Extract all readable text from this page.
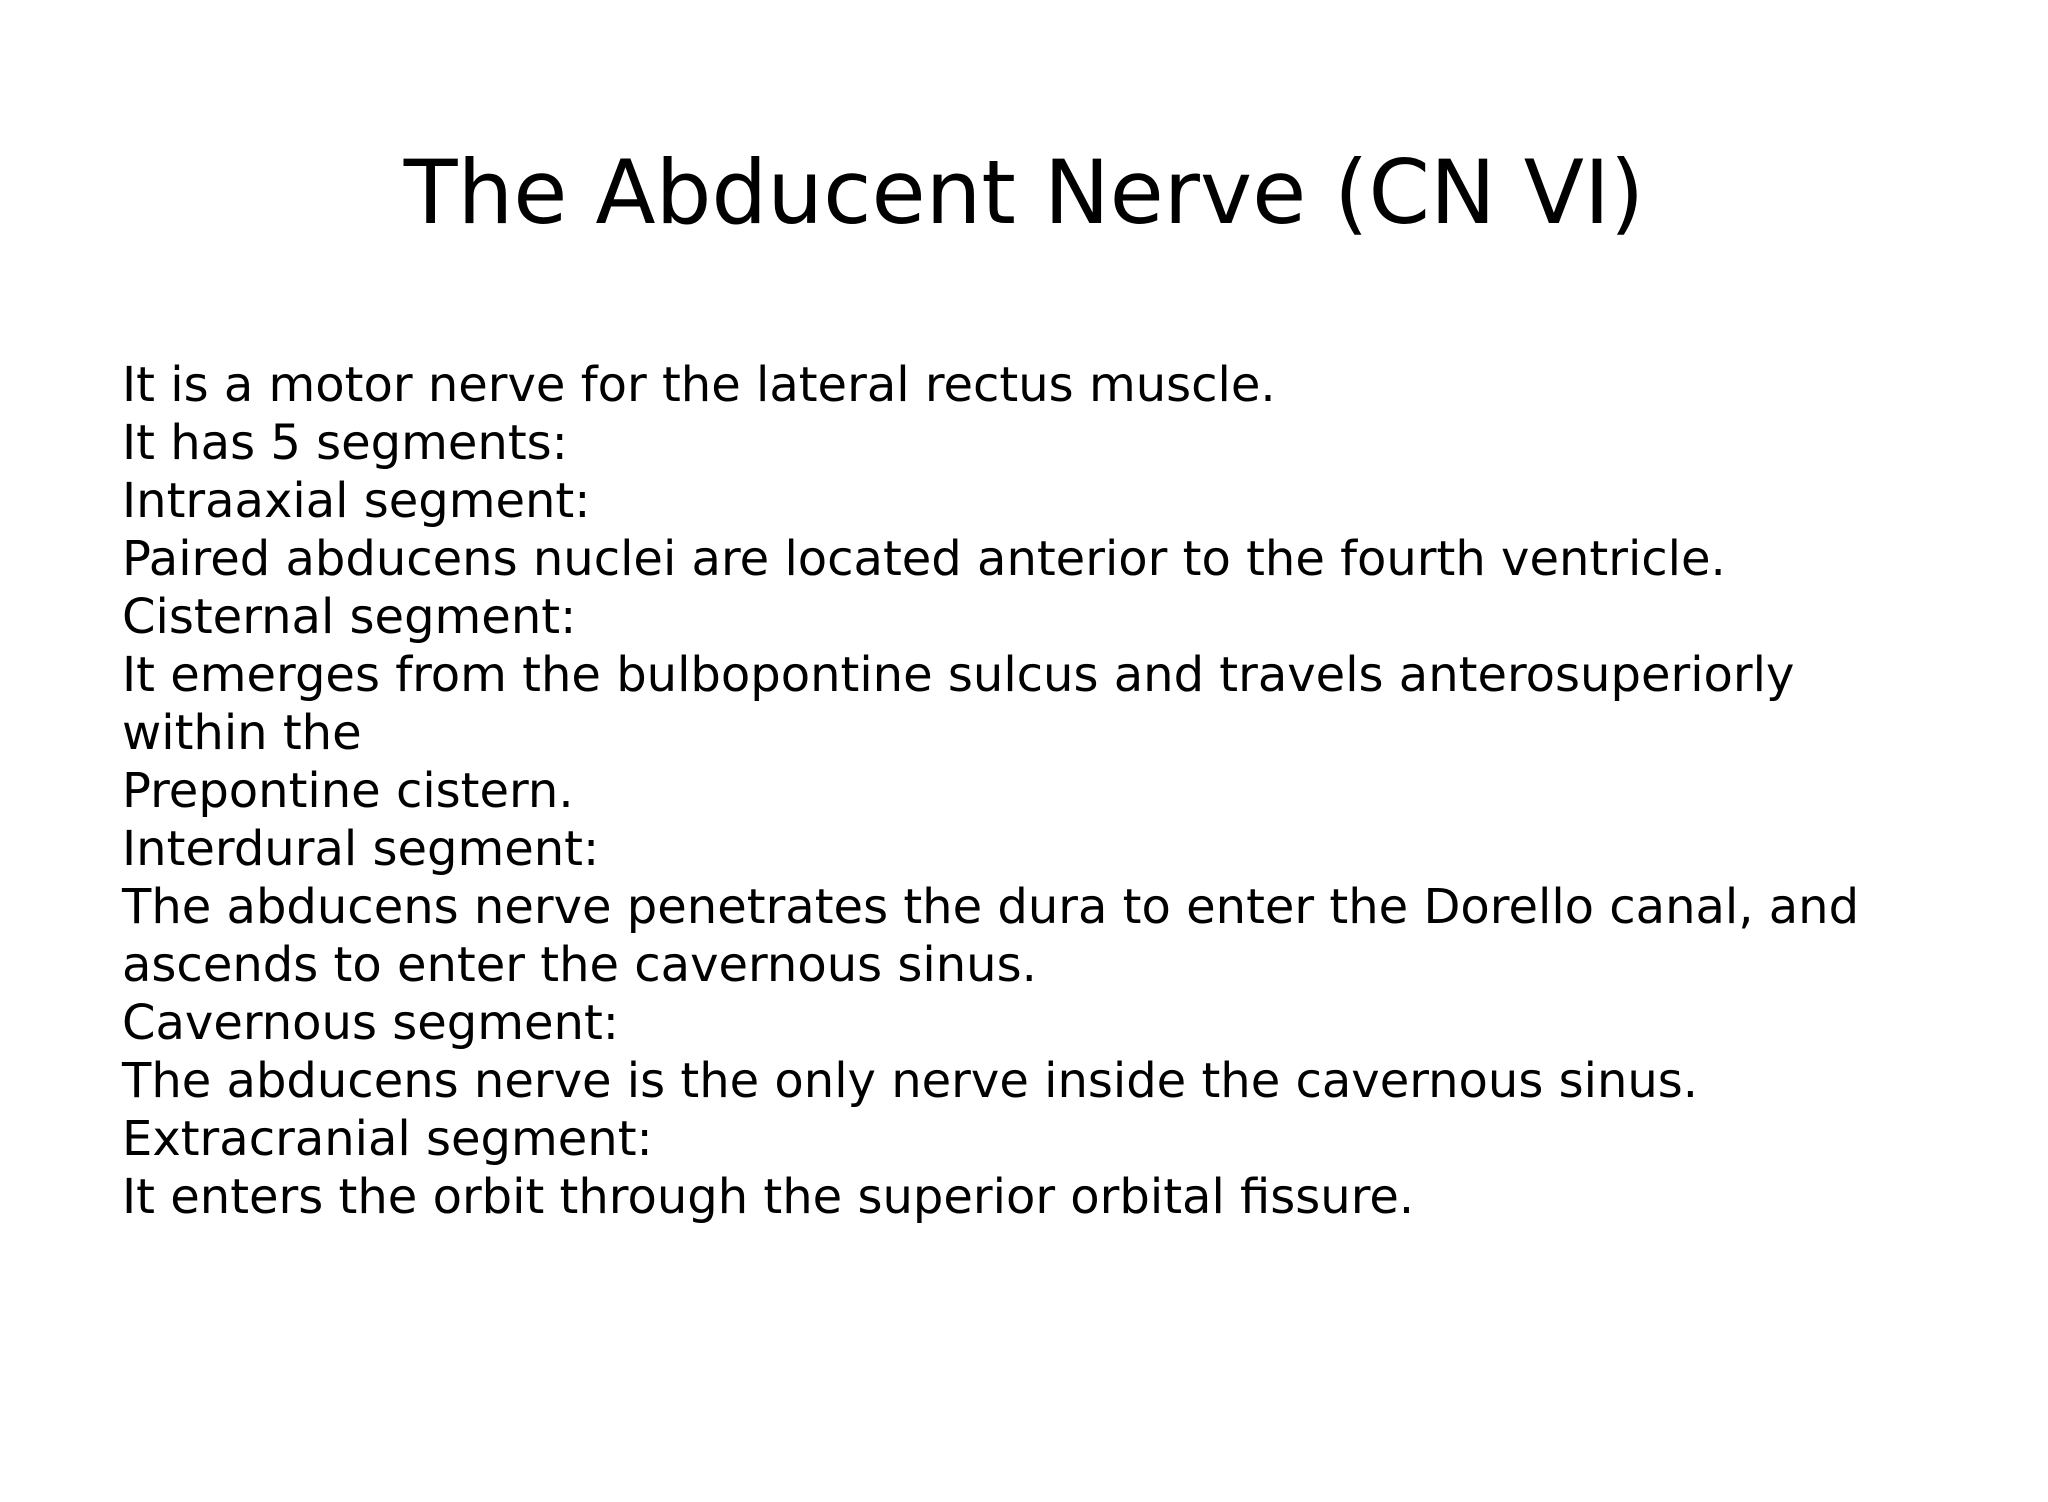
The Abducent Nerve (CN VI)
It is a motor nerve for the lateral rectus muscle.
It has 5 segments:
Intraaxial segment:
Paired abducens nuclei are located anterior to the fourth ventricle.
Cisternal segment:
It emerges from the bulbopontine sulcus and travels anterosuperiorly
within the
Prepontine cistern.
Interdural segment:
The abducens nerve penetrates the dura to enter the Dorello canal, and
ascends to enter the cavernous sinus.
Cavernous segment:
The abducens nerve is the only nerve inside the cavernous sinus.
Extracranial segment:
It enters the orbit through the superior orbital fissure.
